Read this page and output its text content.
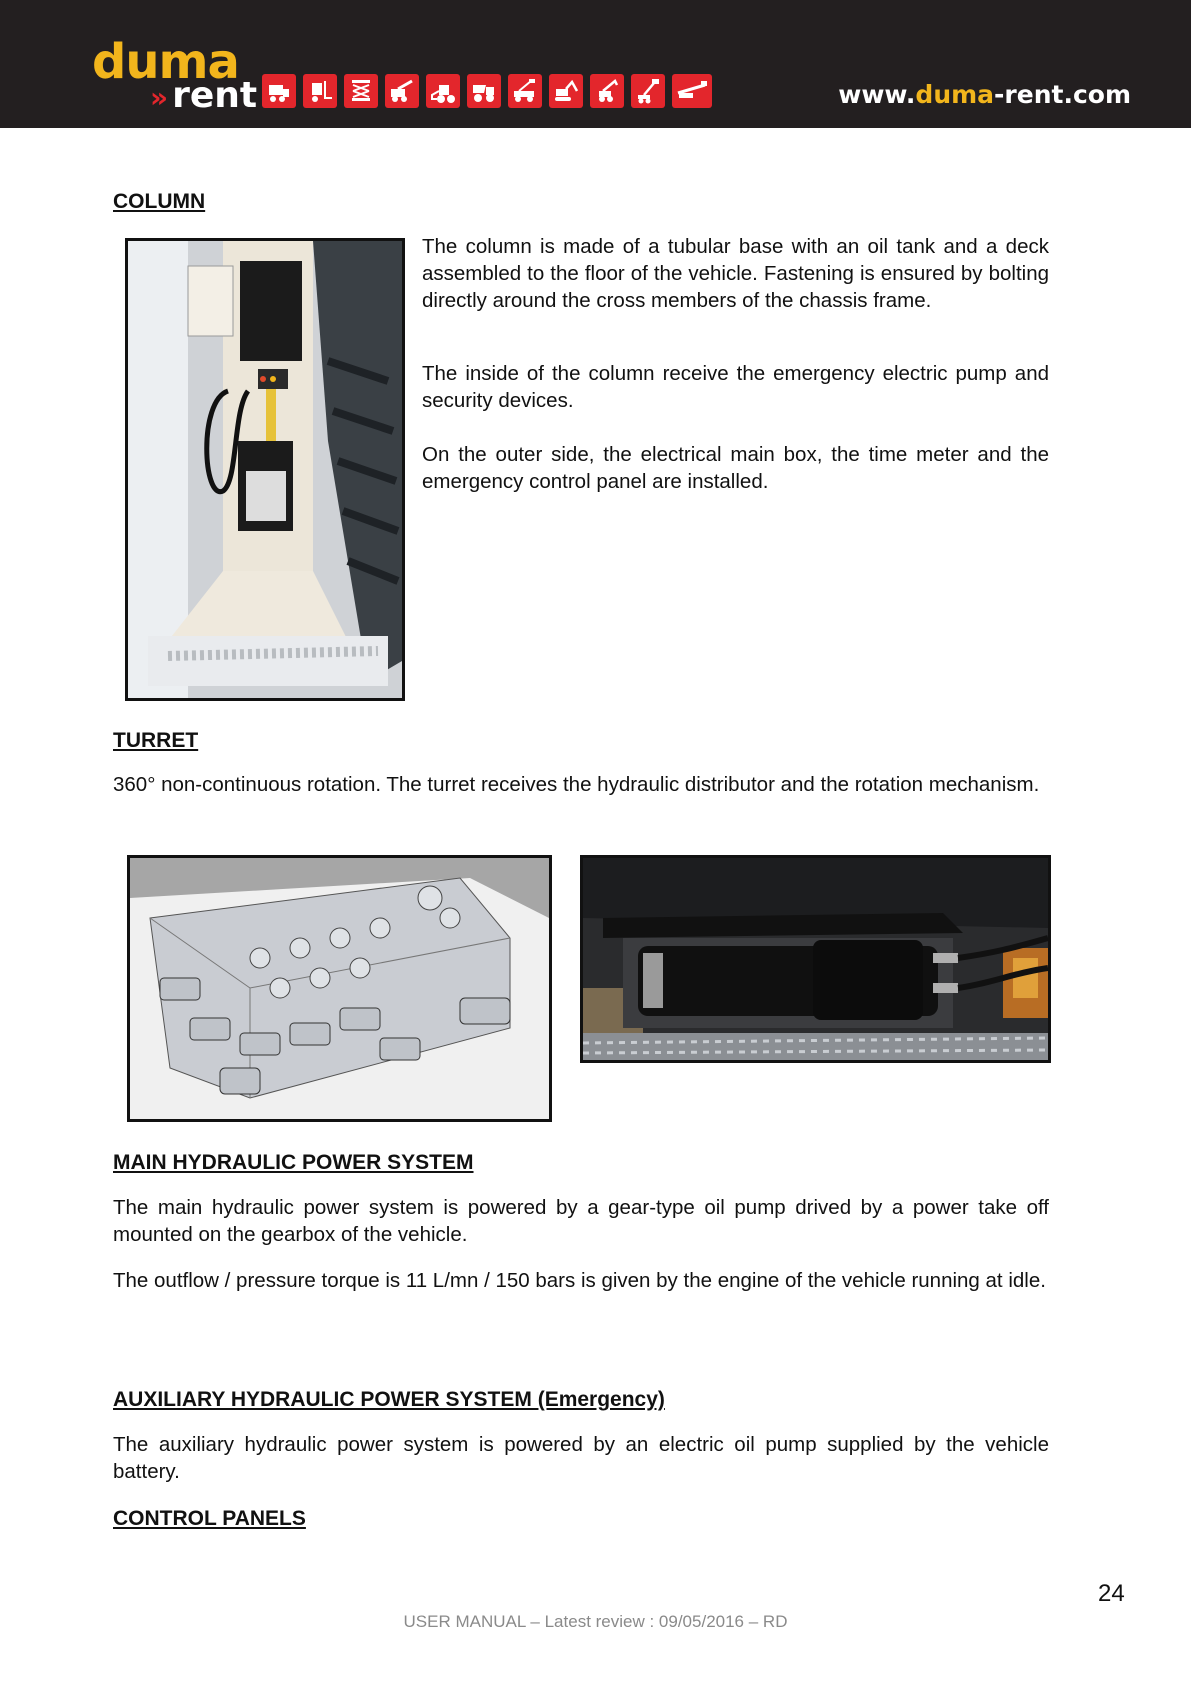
duma
» rent	www.duma-rent.com
COLUMN

The column is made of a tubular base with an oil tank and a deck assembled to the floor of the vehicle. Fastening is ensured by bolting directly around the cross members of the chassis frame.

The inside of the column receive the emergency electric pump and security devices.

On the outer side, the electrical main box, the time meter and the emergency control panel are installed.

TURRET

360° non-continuous rotation. The turret receives the hydraulic distributor and the rotation mechanism.

MAIN HYDRAULIC POWER SYSTEM

The main hydraulic power system is powered by a gear-type oil pump drived by a power take off mounted on the gearbox of the vehicle.

The outflow / pressure torque is 11 L/mn / 150 bars is given by the engine of the vehicle running at idle.

AUXILIARY HYDRAULIC POWER SYSTEM (Emergency)

The auxiliary hydraulic power system is powered by an electric oil pump supplied by the vehicle battery.

CONTROL PANELS
24
USER MANUAL – Latest review : 09/05/2016 – RD
